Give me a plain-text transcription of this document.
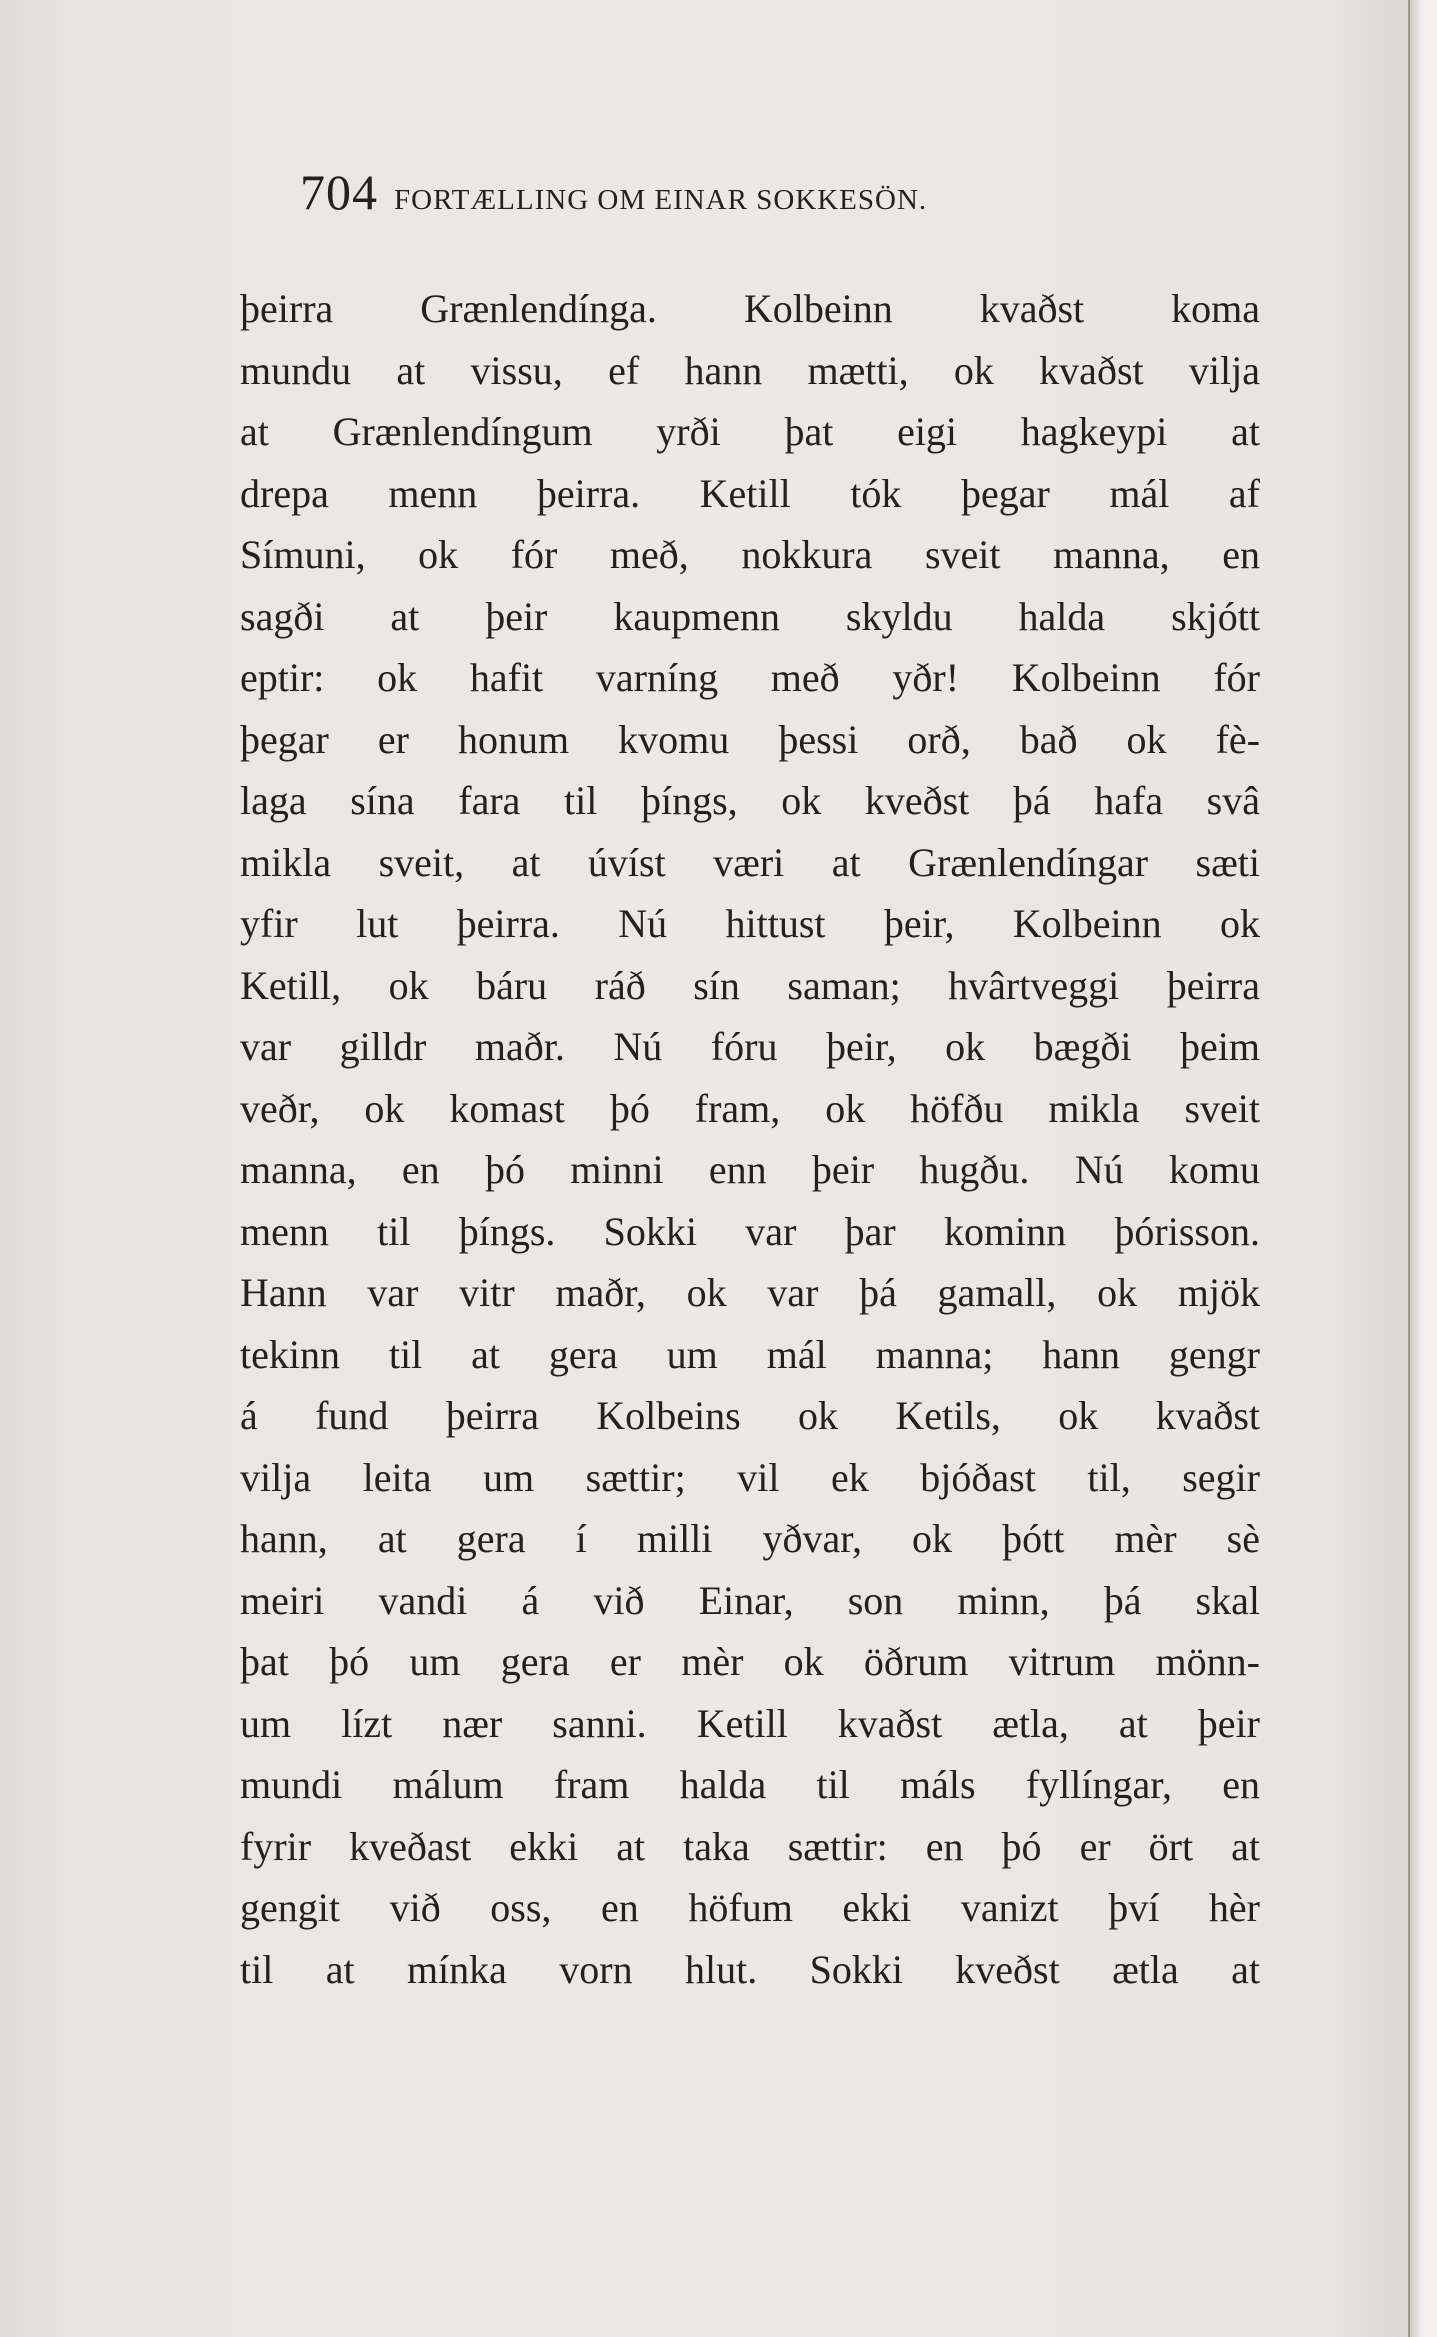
704 FORTÆLLING OM EINAR SOKKESÖN.
þeirra Grænlendínga. Kolbeinn kvaðst koma
mundu at vissu, ef hann mætti, ok kvaðst vilja
at Grænlendíngum yrði þat eigi hagkeypi at
drepa menn þeirra. Ketill tók þegar mál af
Símuni, ok fór með, nokkura sveit manna, en
sagði at þeir kaupmenn skyldu halda skjótt
eptir: ok hafit varníng með yðr! Kolbeinn fór
þegar er honum kvomu þessi orð, bað ok fè-
laga sína fara til þíngs, ok kveðst þá hafa svâ
mikla sveit, at úvíst væri at Grænlendíngar sæti
yfir lut þeirra. Nú hittust þeir, Kolbeinn ok
Ketill, ok báru ráð sín saman; hvârtveggi þeirra
var gilldr maðr. Nú fóru þeir, ok bægði þeim
veðr, ok komast þó fram, ok höfðu mikla sveit
manna, en þó minni enn þeir hugðu. Nú komu
menn til þíngs. Sokki var þar kominn þórisson.
Hann var vitr maðr, ok var þá gamall, ok mjök
tekinn til at gera um mál manna; hann gengr
á fund þeirra Kolbeins ok Ketils, ok kvaðst
vilja leita um sættir; vil ek bjóðast til, segir
hann, at gera í milli yðvar, ok þótt mèr sè
meiri vandi á við Einar, son minn, þá skal
þat þó um gera er mèr ok öðrum vitrum mönn-
um lízt nær sanni. Ketill kvaðst ætla, at þeir
mundi málum fram halda til máls fyllíngar, en
fyrir kveðast ekki at taka sættir: en þó er ört at
gengit við oss, en höfum ekki vanizt því hèr
til at mínka vorn hlut. Sokki kveðst ætla at
